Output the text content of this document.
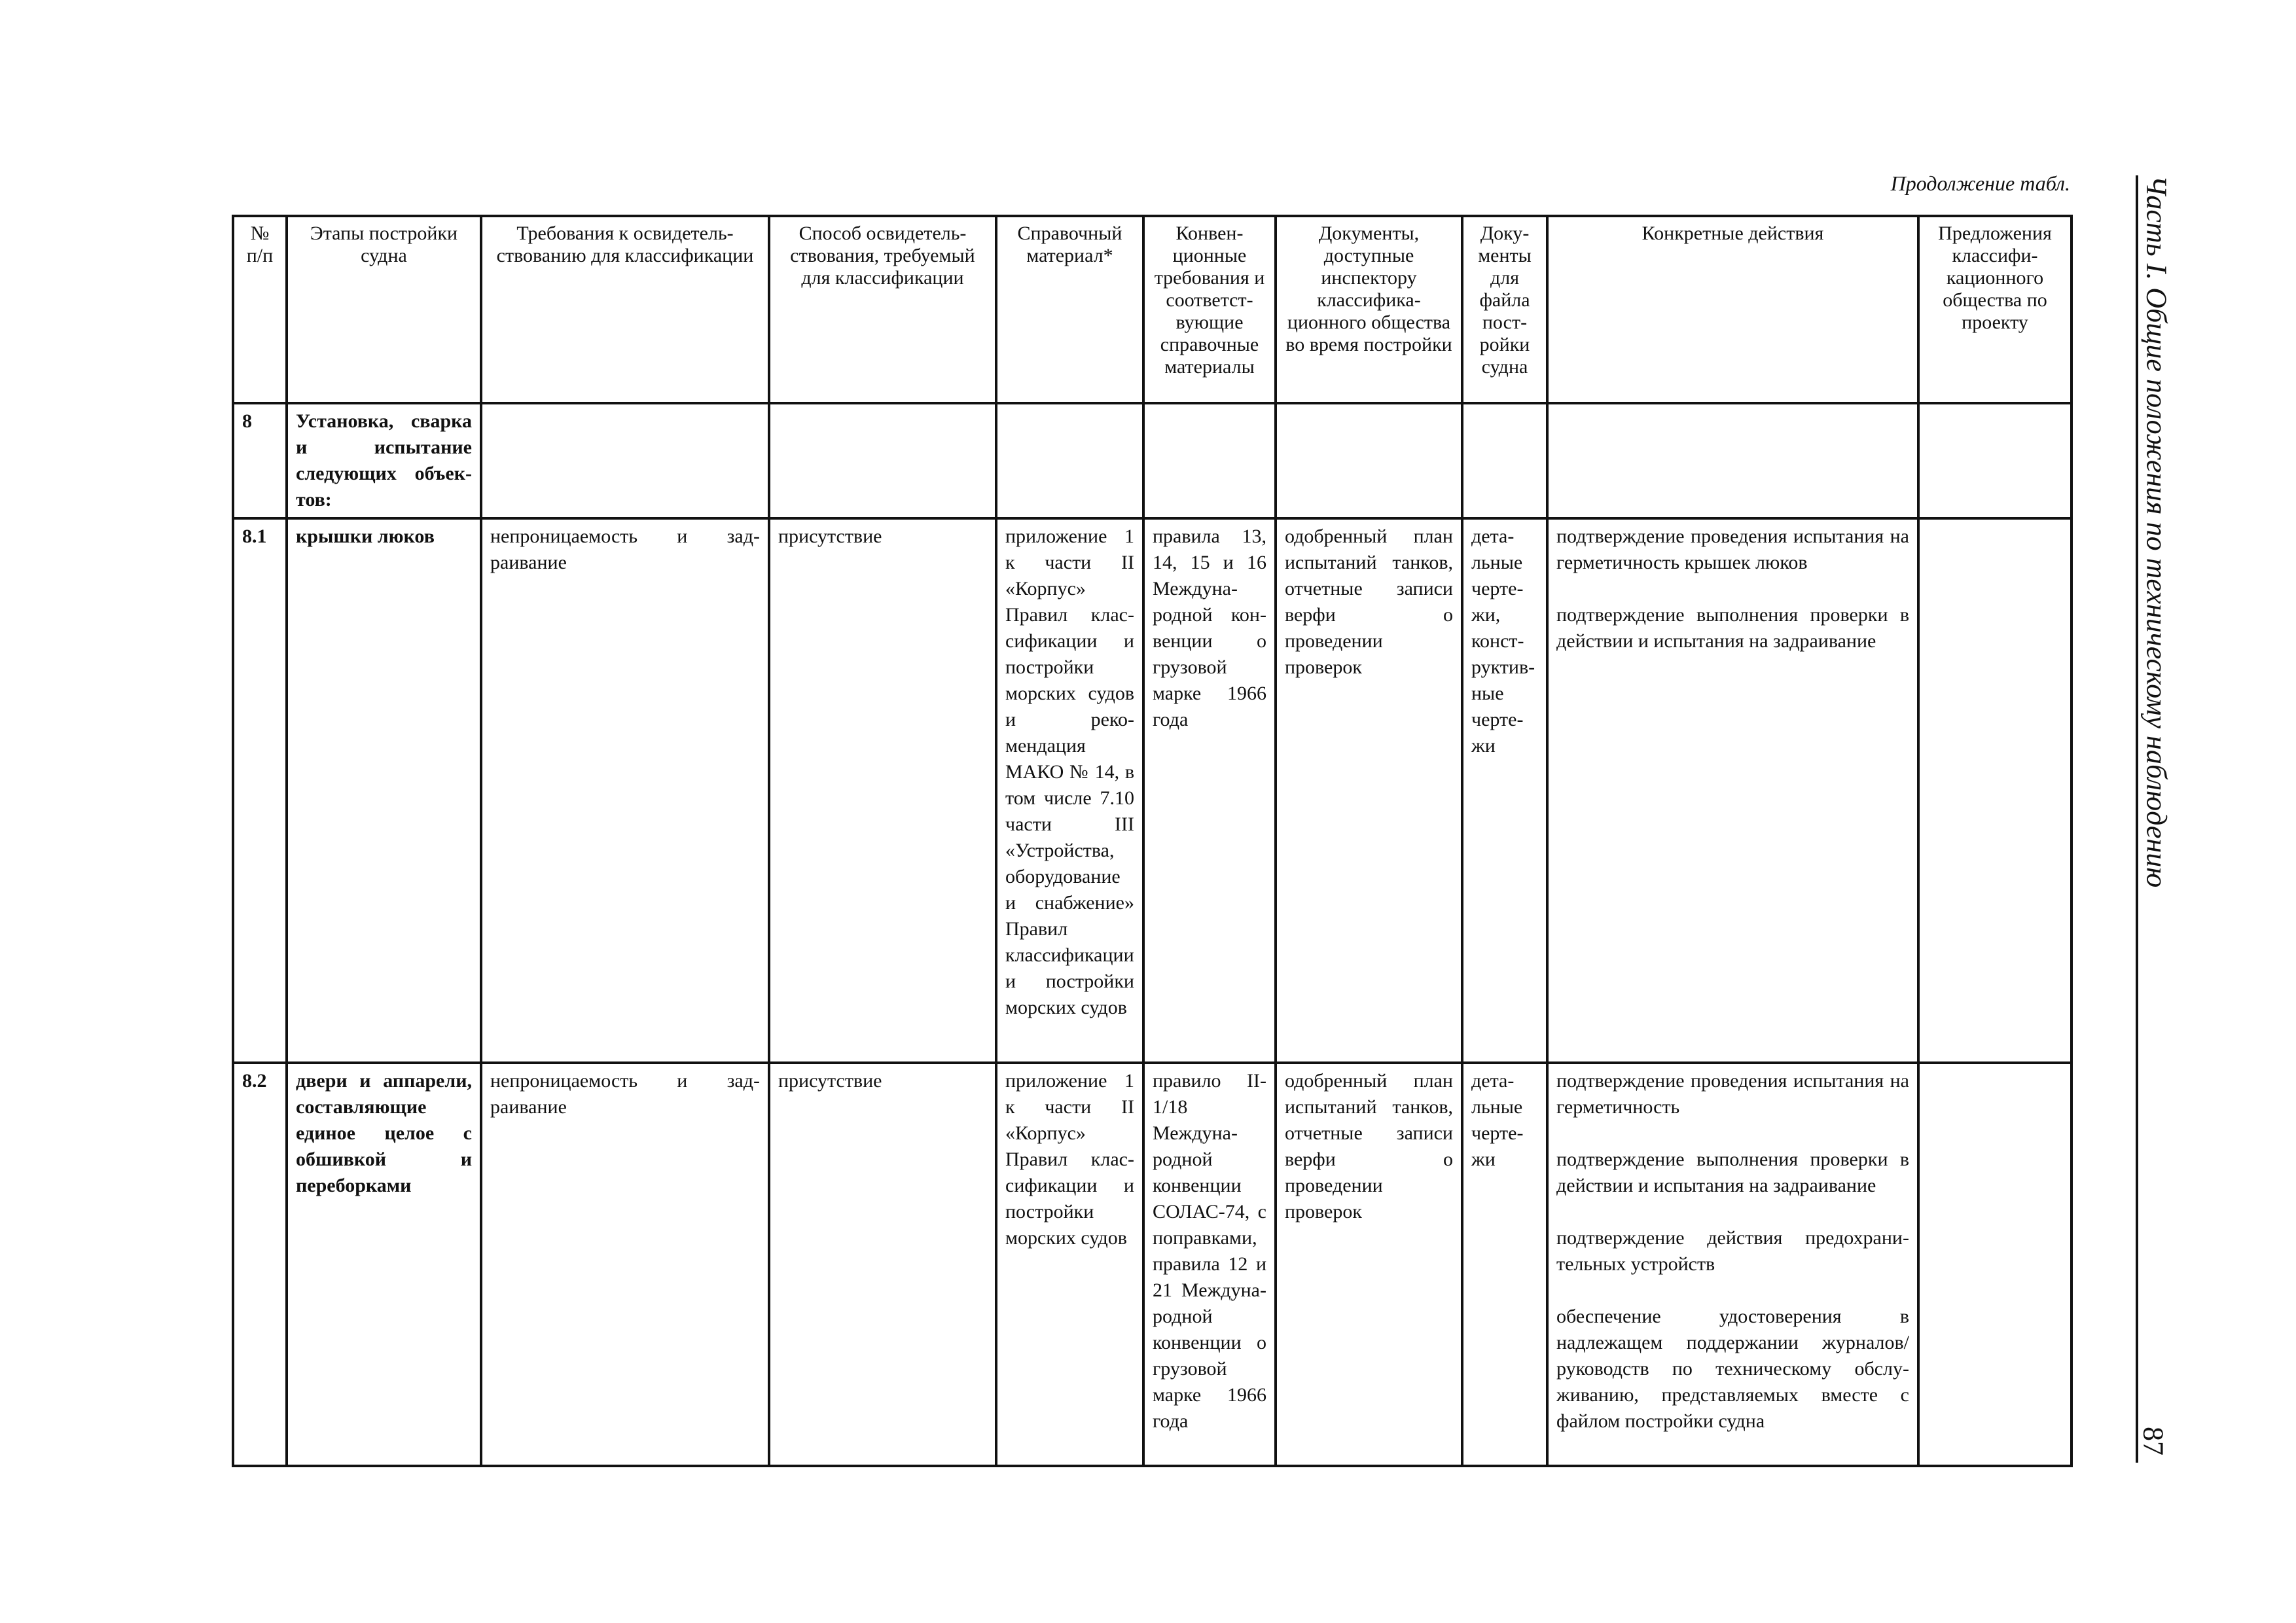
Продолжение табл. Часть I. Общие положения по техническому наблюдению
87
№ п/п	Этапы постройки судна	Требования к освидетельствованию для классификации	Способ освидетельствования, требуемый для классификации	Справочный материал*	Конвенционные требования и соответствующие справочные материалы	Документы, доступные инспектору классификационного общества во время постройки	Документы для файла постройки судна	Конкретные действия	Предложения классификационного общества по проекту
8	Установка, сварка и испытание следующих объектов:								
8.1	крышки люков	непроницаемость и задраивание	присутствие	приложение 1 к части II «Корпус» Правил классификации и постройки морских судов и рекомендация МАКО № 14, в том числе 7.10 части III «Устройства, оборудование и снабжение» Правил классификации и постройки морских судов	правила 13, 14, 15 и 16 Международной конвенции о грузовой марке 1966 года	одобренный план испытаний танков, отчетные записи верфи о проведении проверок	детальные чертежи, конструктивные чертежи	подтверждение проведения испытания на герметичность крышек люков
подтверждение выполнения проверки в действии и испытания на задраивание	

8.2	двери и аппарели, составляющие единое целое с обшивкой и переборками	непроницаемость и задраивание	присутствие	приложение 1 к части II «Корпус» Правил классификации и постройки морских судов	правило II-1/18 Международной конвенции СОЛАС-74, с поправками, правила 12 и 21 Международной конвенции о грузовой марке 1966 года	одобренный план испытаний танков, отчетные записи верфи о проведении проверок	детальные чертежи	подтверждение проведения испытания на герметичность
подтверждение выполнения проверки в действии и испытания на задраивание
подтверждение действия предохранительных устройств
обеспечение удостоверения в надлежащем поддержании журналов/ руководств по техническому обслуживанию, представляемых вместе с файлом постройки судна	
